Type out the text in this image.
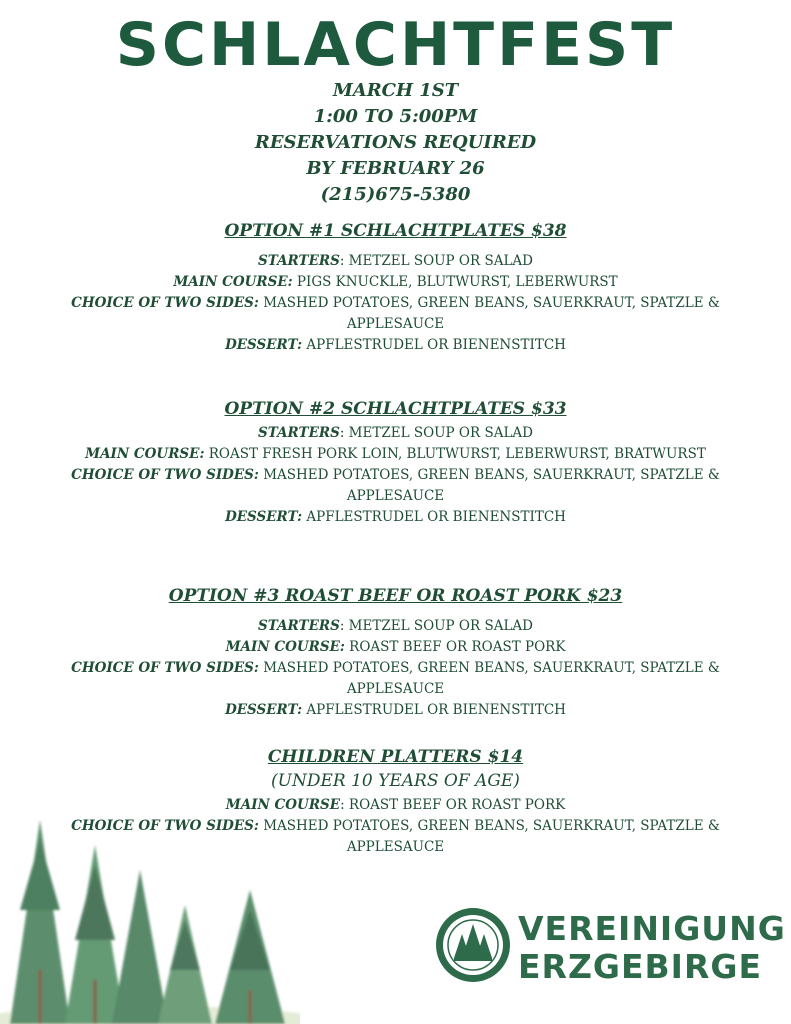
SCHLACHTFEST
MARCH 1ST
1:00 TO 5:00PM
RESERVATIONS REQUIRED
BY FEBRUARY 26
(215)675-5380
OPTION #1 SCHLACHTPLATES $38
STARTERS: METZEL SOUP OR SALAD
MAIN COURSE: PIGS KNUCKLE, BLUTWURST, LEBERWURST
CHOICE OF TWO SIDES: MASHED POTATOES, GREEN BEANS, SAUERKRAUT, SPATZLE & APPLESAUCE
DESSERT: APFLESTRUDEL OR BIENENSTITCH
OPTION #2 SCHLACHTPLATES $33
STARTERS: METZEL SOUP OR SALAD
MAIN COURSE: ROAST FRESH PORK LOIN, BLUTWURST, LEBERWURST, BRATWURST
CHOICE OF TWO SIDES: MASHED POTATOES, GREEN BEANS, SAUERKRAUT, SPATZLE & APPLESAUCE
DESSERT: APFLESTRUDEL OR BIENENSTITCH
OPTION #3 ROAST BEEF OR ROAST PORK $23
STARTERS: METZEL SOUP OR SALAD
MAIN COURSE: ROAST BEEF OR ROAST PORK
CHOICE OF TWO SIDES: MASHED POTATOES, GREEN BEANS, SAUERKRAUT, SPATZLE & APPLESAUCE
DESSERT: APFLESTRUDEL OR BIENENSTITCH
CHILDREN PLATTERS $14
(UNDER 10 YEARS OF AGE)
MAIN COURSE: ROAST BEEF OR ROAST PORK
CHOICE OF TWO SIDES: MASHED POTATOES, GREEN BEANS, SAUERKRAUT, SPATZLE & APPLESAUCE
VEREINIGUNG
ERZGEBIRGE
